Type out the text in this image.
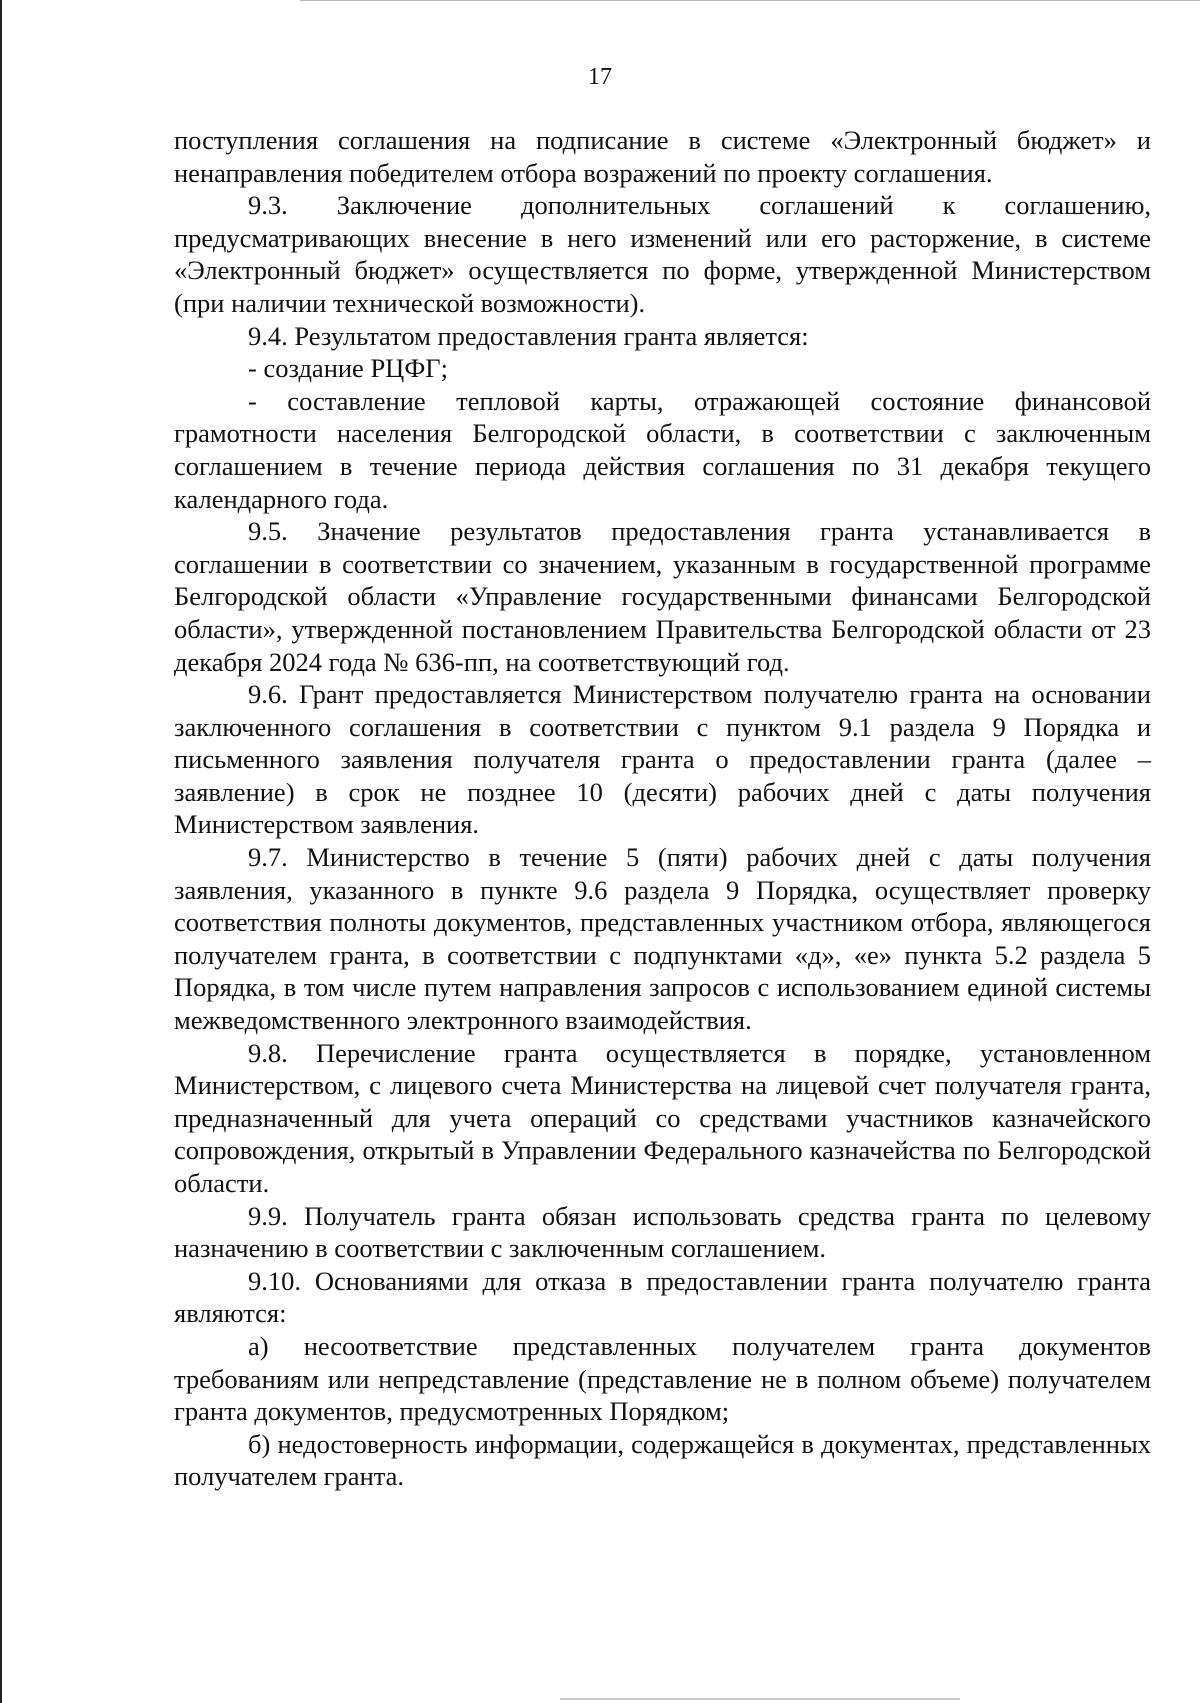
17

поступления соглашения на подписание в системе «Электронный бюджет» и ненаправления победителем отбора возражений по проекту соглашения.

9.3. Заключение дополнительных соглашений к соглашению, предусматривающих внесение в него изменений или его расторжение, в системе «Электронный бюджет» осуществляется по форме, утвержденной Министерством (при наличии технической возможности).

9.4. Результатом предоставления гранта является:

- создание РЦФГ;

- составление тепловой карты, отражающей состояние финансовой грамотности населения Белгородской области, в соответствии с заключенным соглашением в течение периода действия соглашения по 31 декабря текущего календарного года.

9.5. Значение результатов предоставления гранта устанавливается в соглашении в соответствии со значением, указанным в государственной программе Белгородской области «Управление государственными финансами Белгородской области», утвержденной постановлением Правительства Белгородской области от 23 декабря 2024 года № 636-пп, на соответствующий год.

9.6. Грант предоставляется Министерством получателю гранта на основании заключенного соглашения в соответствии с пунктом 9.1 раздела 9 Порядка и письменного заявления получателя гранта о предоставлении гранта (далее – заявление) в срок не позднее 10 (десяти) рабочих дней с даты получения Министерством заявления.

9.7. Министерство в течение 5 (пяти) рабочих дней с даты получения заявления, указанного в пункте 9.6 раздела 9 Порядка, осуществляет проверку соответствия полноты документов, представленных участником отбора, являющегося получателем гранта, в соответствии с подпунктами «д», «е» пункта 5.2 раздела 5 Порядка, в том числе путем направления запросов с использованием единой системы межведомственного электронного взаимодействия.

9.8. Перечисление гранта осуществляется в порядке, установленном Министерством, с лицевого счета Министерства на лицевой счет получателя гранта, предназначенный для учета операций со средствами участников казначейского сопровождения, открытый в Управлении Федерального казначейства по Белгородской области.

9.9. Получатель гранта обязан использовать средства гранта по целевому назначению в соответствии с заключенным соглашением.

9.10. Основаниями для отказа в предоставлении гранта получателю гранта являются:

а) несоответствие представленных получателем гранта документов требованиям или непредставление (представление не в полном объеме) получателем гранта документов, предусмотренных Порядком;

б) недостоверность информации, содержащейся в документах, представленных получателем гранта.
